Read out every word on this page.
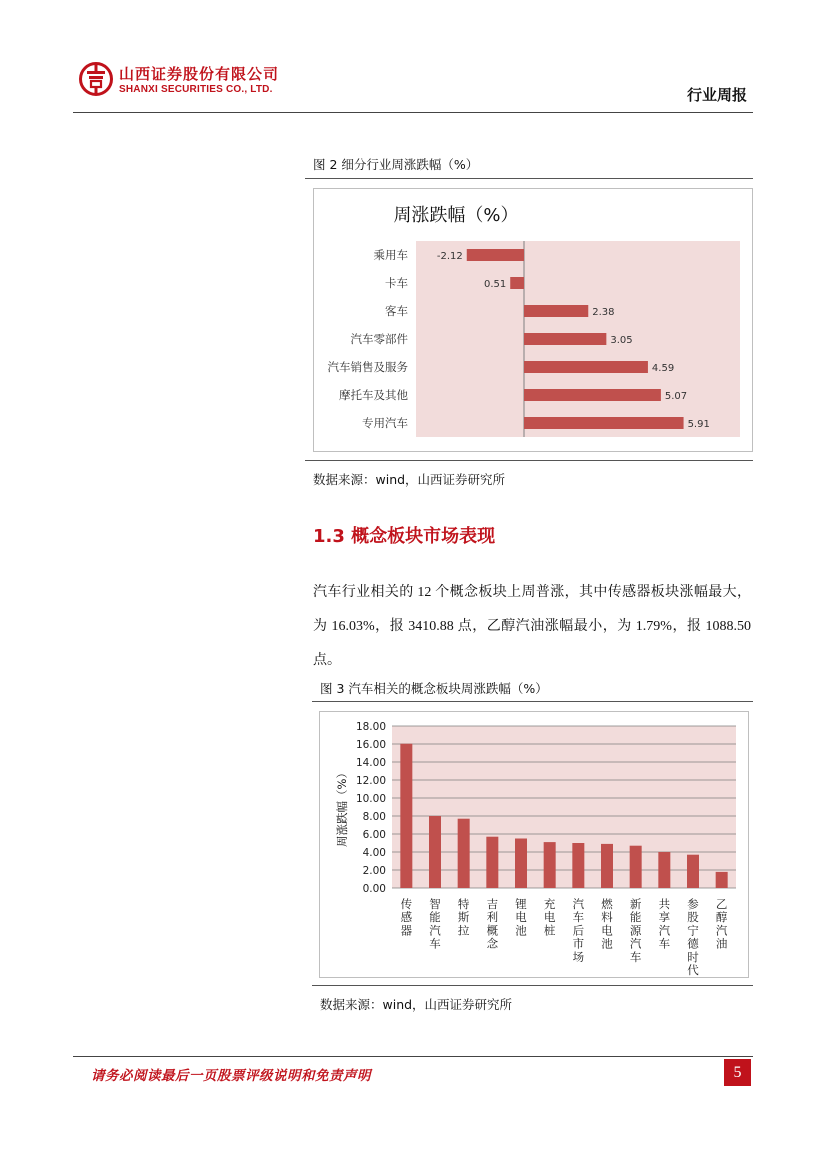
山西证券股份有限公司
SHANXI SECURITIES CO., LTD.	行业周报
图 2 细分行业周涨跌幅（%）
周涨跌幅（%）
乘用车	-2.12
卡车	0.51
客车	2.38
汽车零部件	3.05
汽车销售及服务	4.59
摩托车及其他	5.07
专用汽车	5.91
数据来源：wind，山西证券研究所
1.3 概念板块市场表现
汽车行业相关的 12 个概念板块上周普涨，其中传感器板块涨幅最大，为 16.03%，报 3410.88 点，乙醇汽油涨幅最小，为 1.79%，报 1088.50 点。
图 3 汽车相关的概念板块周涨跌幅（%）
0.00
2.00
4.00
6.00
8.00
10.00
12.00
14.00
16.00
18.00
周涨跌幅（%）
传感器
智能汽车
特斯拉
吉利概念
锂电池
充电桩
汽车后市场
燃料电池
新能源汽车
共享汽车
参股宁德时代
乙醇汽油
数据来源：wind，山西证券研究所
请务必阅读最后一页股票评级说明和免责声明	5
